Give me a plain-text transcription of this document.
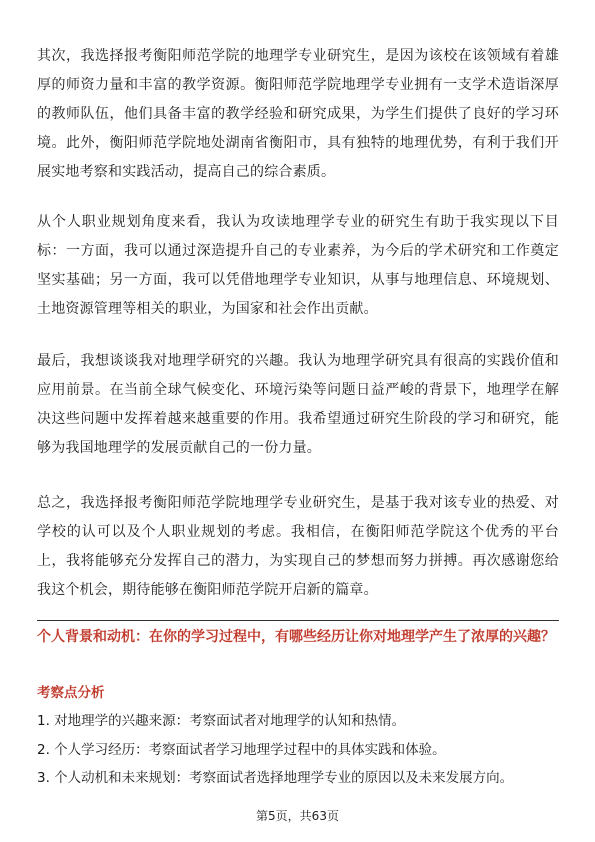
其次，我选择报考衡阳师范学院的地理学专业研究生，是因为该校在该领域有着雄厚的师资力量和丰富的教学资源。衡阳师范学院地理学专业拥有一支学术造诣深厚的教师队伍，他们具备丰富的教学经验和研究成果，为学生们提供了良好的学习环境。此外，衡阳师范学院地处湖南省衡阳市，具有独特的地理优势，有利于我们开展实地考察和实践活动，提高自己的综合素质。

从个人职业规划角度来看，我认为攻读地理学专业的研究生有助于我实现以下目标：一方面，我可以通过深造提升自己的专业素养，为今后的学术研究和工作奠定坚实基础；另一方面，我可以凭借地理学专业知识，从事与地理信息、环境规划、土地资源管理等相关的职业，为国家和社会作出贡献。

最后，我想谈谈我对地理学研究的兴趣。我认为地理学研究具有很高的实践价值和应用前景。在当前全球气候变化、环境污染等问题日益严峻的背景下，地理学在解决这些问题中发挥着越来越重要的作用。我希望通过研究生阶段的学习和研究，能够为我国地理学的发展贡献自己的一份力量。

总之，我选择报考衡阳师范学院地理学专业研究生，是基于我对该专业的热爱、对学校的认可以及个人职业规划的考虑。我相信，在衡阳师范学院这个优秀的平台上，我将能够充分发挥自己的潜力，为实现自己的梦想而努力拼搏。再次感谢您给我这个机会，期待能够在衡阳师范学院开启新的篇章。

个人背景和动机：在你的学习过程中，有哪些经历让你对地理学产生了浓厚的兴趣？

考察点分析

1. 对地理学的兴趣来源：考察面试者对地理学的认知和热情。
2. 个人学习经历：考察面试者学习地理学过程中的具体实践和体验。
3. 个人动机和未来规划：考察面试者选择地理学专业的原因以及未来发展方向。
第5页，共63页
